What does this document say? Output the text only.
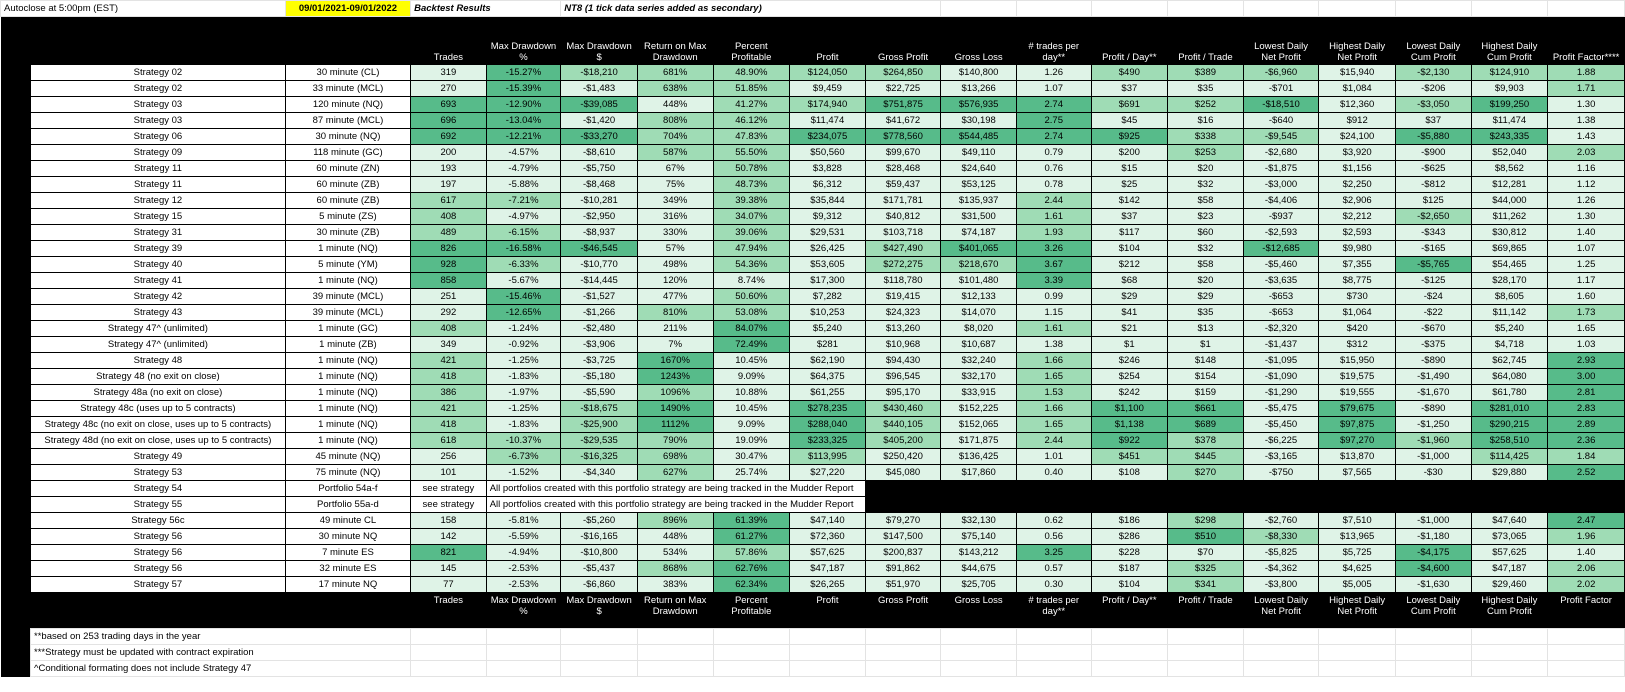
Autoclose at 5:00pm (EST)		09/01/2021-09/01/2022	Backtest Results		NT8 (1 tick data series added as secondary)													
			Trades	Max Drawdown %	Max Drawdown $	Return on Max Drawdown	Percent Profitable	Profit	Gross Profit	Gross Loss	# trades per day**	Profit / Day**	Profit / Trade	Lowest Daily Net Profit	Highest Daily Net Profit	Lowest Daily Cum Profit	Highest Daily Cum Profit	Profit Factor****
	Strategy 02	30 minute (CL)	319	-15.27%	-$18,210	681%	48.90%	$124,050	$264,850	$140,800	1.26	$490	$389	-$6,960	$15,940	-$2,130	$124,910	1.88
	Strategy 02	33 minute (MCL)	270	-15.39%	-$1,483	638%	51.85%	$9,459	$22,725	$13,266	1.07	$37	$35	-$701	$1,084	-$206	$9,903	1.71
	Strategy 03	120 minute (NQ)	693	-12.90%	-$39,085	448%	41.27%	$174,940	$751,875	$576,935	2.74	$691	$252	-$18,510	$12,360	-$3,050	$199,250	1.30
	Strategy 03	87 minute (MCL)	696	-13.04%	-$1,420	808%	46.12%	$11,474	$41,672	$30,198	2.75	$45	$16	-$640	$912	$37	$11,474	1.38
	Strategy 06	30 minute (NQ)	692	-12.21%	-$33,270	704%	47.83%	$234,075	$778,560	$544,485	2.74	$925	$338	-$9,545	$24,100	-$5,880	$243,335	1.43
	Strategy 09	118 minute (GC)	200	-4.57%	-$8,610	587%	55.50%	$50,560	$99,670	$49,110	0.79	$200	$253	-$2,680	$3,920	-$900	$52,040	2.03
	Strategy 11	60 minute (ZN)	193	-4.79%	-$5,750	67%	50.78%	$3,828	$28,468	$24,640	0.76	$15	$20	-$1,875	$1,156	-$625	$8,562	1.16
	Strategy 11	60 minute (ZB)	197	-5.88%	-$8,468	75%	48.73%	$6,312	$59,437	$53,125	0.78	$25	$32	-$3,000	$2,250	-$812	$12,281	1.12
	Strategy 12	60 minute (ZB)	617	-7.21%	-$10,281	349%	39.38%	$35,844	$171,781	$135,937	2.44	$142	$58	-$4,406	$2,906	$125	$44,000	1.26
	Strategy 15	5 minute (ZS)	408	-4.97%	-$2,950	316%	34.07%	$9,312	$40,812	$31,500	1.61	$37	$23	-$937	$2,212	-$2,650	$11,262	1.30
	Strategy 31	30 minute (ZB)	489	-6.15%	-$8,937	330%	39.06%	$29,531	$103,718	$74,187	1.93	$117	$60	-$2,593	$2,593	-$343	$30,812	1.40
	Strategy 39	1 minute (NQ)	826	-16.58%	-$46,545	57%	47.94%	$26,425	$427,490	$401,065	3.26	$104	$32	-$12,685	$9,980	-$165	$69,865	1.07
	Strategy 40	5 minute (YM)	928	-6.33%	-$10,770	498%	54.36%	$53,605	$272,275	$218,670	3.67	$212	$58	-$5,460	$7,355	-$5,765	$54,465	1.25
	Strategy 41	1 minute (NQ)	858	-5.67%	-$14,445	120%	8.74%	$17,300	$118,780	$101,480	3.39	$68	$20	-$3,635	$8,775	-$125	$28,170	1.17
	Strategy 42	39 minute (MCL)	251	-15.46%	-$1,527	477%	50.60%	$7,282	$19,415	$12,133	0.99	$29	$29	-$653	$730	-$24	$8,605	1.60
	Strategy 43	39 minute (MCL)	292	-12.65%	-$1,266	810%	53.08%	$10,253	$24,323	$14,070	1.15	$41	$35	-$653	$1,064	-$22	$11,142	1.73
	Strategy 47^ (unlimited)	1 minute (GC)	408	-1.24%	-$2,480	211%	84.07%	$5,240	$13,260	$8,020	1.61	$21	$13	-$2,320	$420	-$670	$5,240	1.65
	Strategy 47^ (unlimited)	1 minute (ZB)	349	-0.92%	-$3,906	7%	72.49%	$281	$10,968	$10,687	1.38	$1	$1	-$1,437	$312	-$375	$4,718	1.03
	Strategy 48	1 minute (NQ)	421	-1.25%	-$3,725	1670%	10.45%	$62,190	$94,430	$32,240	1.66	$246	$148	-$1,095	$15,950	-$890	$62,745	2.93
	Strategy 48 (no exit on close)	1 minute (NQ)	418	-1.83%	-$5,180	1243%	9.09%	$64,375	$96,545	$32,170	1.65	$254	$154	-$1,090	$19,575	-$1,490	$64,080	3.00
	Strategy 48a (no exit on close)	1 minute (NQ)	386	-1.97%	-$5,590	1096%	10.88%	$61,255	$95,170	$33,915	1.53	$242	$159	-$1,290	$19,555	-$1,670	$61,780	2.81
	Strategy 48c (uses up to 5 contracts)	1 minute (NQ)	421	-1.25%	-$18,675	1490%	10.45%	$278,235	$430,460	$152,225	1.66	$1,100	$661	-$5,475	$79,675	-$890	$281,010	2.83
	Strategy 48c (no exit on close, uses up to 5 contracts)	1 minute (NQ)	418	-1.83%	-$25,900	1112%	9.09%	$288,040	$440,105	$152,065	1.65	$1,138	$689	-$5,450	$97,875	-$1,250	$290,215	2.89
	Strategy 48d (no exit on close, uses up to 5 contracts)	1 minute (NQ)	618	-10.37%	-$29,535	790%	19.09%	$233,325	$405,200	$171,875	2.44	$922	$378	-$6,225	$97,270	-$1,960	$258,510	2.36
	Strategy 49	45 minute (NQ)	256	-6.73%	-$16,325	698%	30.47%	$113,995	$250,420	$136,425	1.01	$451	$445	-$3,165	$13,870	-$1,000	$114,425	1.84
	Strategy 53	75 minute (NQ)	101	-1.52%	-$4,340	627%	25.74%	$27,220	$45,080	$17,860	0.40	$108	$270	-$750	$7,565	-$30	$29,880	2.52
	Strategy 54	Portfolio 54a-f	see strategy	All portfolios created with this portfolio strategy are being tracked in the Mudder Report														
	Strategy 55	Portfolio 55a-d	see strategy	All portfolios created with this portfolio strategy are being tracked in the Mudder Report														
	Strategy 56c	49 minute CL	158	-5.81%	-$5,260	896%	61.39%	$47,140	$79,270	$32,130	0.62	$186	$298	-$2,760	$7,510	-$1,000	$47,640	2.47
	Strategy 56	30 minute NQ	142	-5.59%	-$16,165	448%	61.27%	$72,360	$147,500	$75,140	0.56	$286	$510	-$8,330	$13,965	-$1,180	$73,065	1.96
	Strategy 56	7 minute ES	821	-4.94%	-$10,800	534%	57.86%	$57,625	$200,837	$143,212	3.25	$228	$70	-$5,825	$5,725	-$4,175	$57,625	1.40
	Strategy 56	32 minute ES	145	-2.53%	-$5,437	868%	62.76%	$47,187	$91,862	$44,675	0.57	$187	$325	-$4,362	$4,625	-$4,600	$47,187	2.06
	Strategy 57	17 minute NQ	77	-2.53%	-$6,860	383%	62.34%	$26,265	$51,970	$25,705	0.30	$104	$341	-$3,800	$5,005	-$1,630	$29,460	2.02
			Trades	Max Drawdown %	Max Drawdown $	Return on Max Drawdown	Percent Profitable	Profit	Gross Profit	Gross Loss	# trades per day**	Profit / Day**	Profit / Trade	Lowest Daily Net Profit	Highest Daily Net Profit	Lowest Daily Cum Profit	Highest Daily Cum Profit	Profit Factor
	**based on 253 trading days in the year																	
	***Strategy must be updated with contract expiration																	
	^Conditional formating does not include Strategy 47																	
